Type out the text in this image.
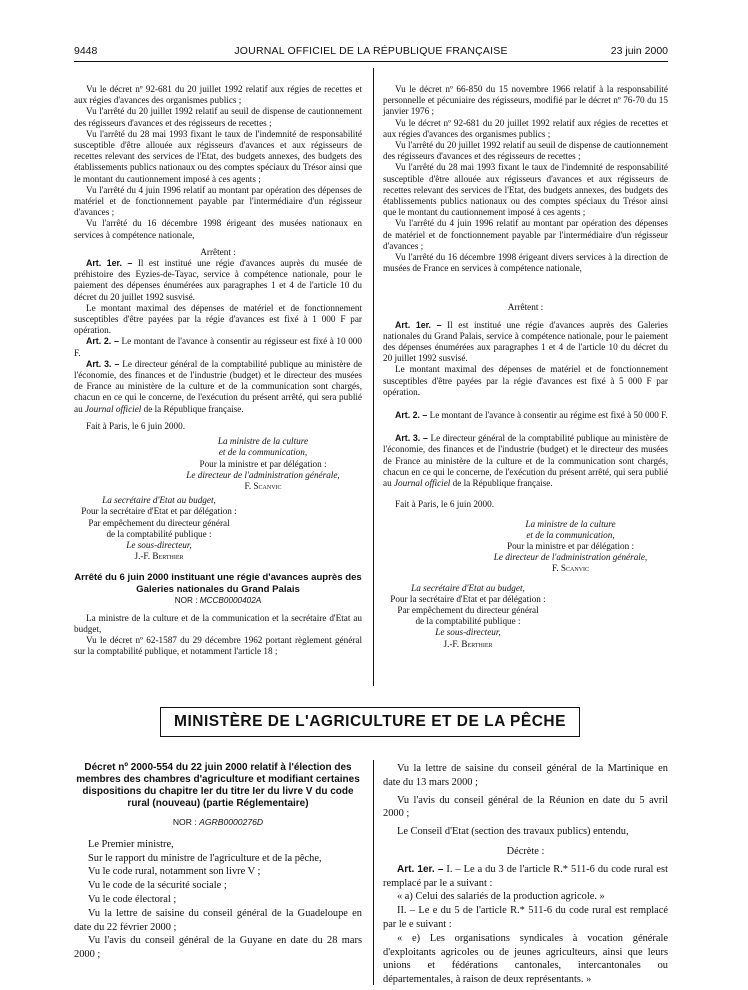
9448	JOURNAL OFFICIEL DE LA RÉPUBLIQUE FRANÇAISE	23 juin 2000

Vu le décret nº 92-681 du 20 juillet 1992 relatif aux régies de recettes et aux régies d'avances des organismes publics ;

Vu l'arrêté du 20 juillet 1992 relatif au seuil de dispense de cautionnement des régisseurs d'avances et des régisseurs de recettes ;

Vu l'arrêté du 28 mai 1993 fixant le taux de l'indemnité de responsabilité susceptible d'être allouée aux régisseurs d'avances et aux régisseurs de recettes relevant des services de l'Etat, des budgets annexes, des budgets des établissements publics nationaux ou des comptes spéciaux du Trésor ainsi que le montant du cautionnement imposé à ces agents ;

Vu l'arrêté du 4 juin 1996 relatif au montant par opération des dépenses de matériel et de fonctionnement payable par l'intermédiaire d'un régisseur d'avances ;

Vu l'arrêté du 16 décembre 1998 érigeant des musées nationaux en services à compétence nationale,

Arrêtent :

Art. 1er. – Il est institué une régie d'avances auprès du musée de préhistoire des Eyzies-de-Tayac, service à compétence nationale, pour le paiement des dépenses énumérées aux paragraphes 1 et 4 de l'article 10 du décret du 20 juillet 1992 susvisé.

Le montant maximal des dépenses de matériel et de fonctionnement susceptibles d'être payées par la régie d'avances est fixé à 1 000 F par opération.

Art. 2. – Le montant de l'avance à consentir au régisseur est fixé à 10 000 F.

Art. 3. – Le directeur général de la comptabilité publique au ministère de l'économie, des finances et de l'industrie (budget) et le directeur des musées de France au ministère de la culture et de la communication sont chargés, chacun en ce qui le concerne, de l'exécution du présent arrêté, qui sera publié au Journal officiel de la République française.

Fait à Paris, le 6 juin 2000.

La ministre de la culture

et de la communication,

Pour la ministre et par délégation :

Le directeur de l'administration générale,

F. Scanvic

La secrétaire d'Etat au budget,

Pour la secrétaire d'Etat et par délégation :

Par empêchement du directeur général

de la comptabilité publique :

Le sous-directeur,

J.-F. Berthier

Arrêté du 6 juin 2000 instituant une régie d'avances auprès des Galeries nationales du Grand Palais

NOR : MCCB0000402A

La ministre de la culture et de la communication et la secrétaire d'Etat au budget,

Vu le décret nº 62-1587 du 29 décembre 1962 portant règlement général sur la comptabilité publique, et notamment l'article 18 ;

Vu le décret nº 66-850 du 15 novembre 1966 relatif à la responsabilité personnelle et pécuniaire des régisseurs, modifié par le décret nº 76-70 du 15 janvier 1976 ;

Vu le décret nº 92-681 du 20 juillet 1992 relatif aux régies de recettes et aux régies d'avances des organismes publics ;

Vu l'arrêté du 20 juillet 1992 relatif au seuil de dispense de cautionnement des régisseurs d'avances et des régisseurs de recettes ;

Vu l'arrêté du 28 mai 1993 fixant le taux de l'indemnité de responsabilité susceptible d'être allouée aux régisseurs d'avances et aux régisseurs de recettes relevant des services de l'Etat, des budgets annexes, des budgets des établissements publics nationaux ou des comptes spéciaux du Trésor ainsi que le montant du cautionnement imposé à ces agents ;

Vu l'arrêté du 4 juin 1996 relatif au montant par opération des dépenses de matériel et de fonctionnement payable par l'intermédiaire d'un régisseur d'avances ;

Vu l'arrêté du 16 décembre 1998 érigeant divers services à la direction de musées de France en services à compétence nationale,

Arrêtent :

Art. 1er. – Il est institué une régie d'avances auprès des Galeries nationales du Grand Palais, service à compétence nationale, pour le paiement des dépenses énumérées aux paragraphes 1 et 4 de l'article 10 du décret du 20 juillet 1992 susvisé.

Le montant maximal des dépenses de matériel et de fonctionnement susceptibles d'être payées par la régie d'avances est fixé à 5 000 F par opération.

Art. 2. – Le montant de l'avance à consentir au régime est fixé à 50 000 F.

Art. 3. – Le directeur général de la comptabilité publique au ministère de l'économie, des finances et de l'industrie (budget) et le directeur des musées de France au ministère de la culture et de la communication sont chargés, chacun en ce qui le concerne, de l'exécution du présent arrêté, qui sera publié au Journal officiel de la République française.

Fait à Paris, le 6 juin 2000.

La ministre de la culture

et de la communication,

Pour la ministre et par délégation :

Le directeur de l'administration générale,

F. Scanvic

La secrétaire d'Etat au budget,

Pour la secrétaire d'Etat et par délégation :

Par empêchement du directeur général

de la comptabilité publique :

Le sous-directeur,

J.-F. Berthier

MINISTÈRE DE L'AGRICULTURE ET DE LA PÊCHE

Décret nº 2000-554 du 22 juin 2000 relatif à l'élection des membres des chambres d'agriculture et modifiant certaines dispositions du chapitre Ier du titre Ier du livre V du code rural (nouveau) (partie Réglementaire)

NOR : AGRB0000276D

Le Premier ministre,

Sur le rapport du ministre de l'agriculture et de la pêche,

Vu le code rural, notamment son livre V ;

Vu le code de la sécurité sociale ;

Vu le code électoral ;

Vu la lettre de saisine du conseil général de la Guadeloupe en date du 22 février 2000 ;

Vu l'avis du conseil général de la Guyane en date du 28 mars 2000 ;

Vu la lettre de saisine du conseil général de la Martinique en date du 13 mars 2000 ;

Vu l'avis du conseil général de la Réunion en date du 5 avril 2000 ;

Le Conseil d'Etat (section des travaux publics) entendu,

Décrète :

Art. 1er. – I. – Le a du 3 de l'article R.* 511-6 du code rural est remplacé par le a suivant :

« a) Celui des salariés de la production agricole. »

II. – Le e du 5 de l'article R.* 511-6 du code rural est remplacé par le e suivant :

« e) Les organisations syndicales à vocation générale d'exploitants agricoles ou de jeunes agriculteurs, ainsi que leurs unions et fédérations cantonales, intercantonales ou départementales, à raison de deux représentants. »
